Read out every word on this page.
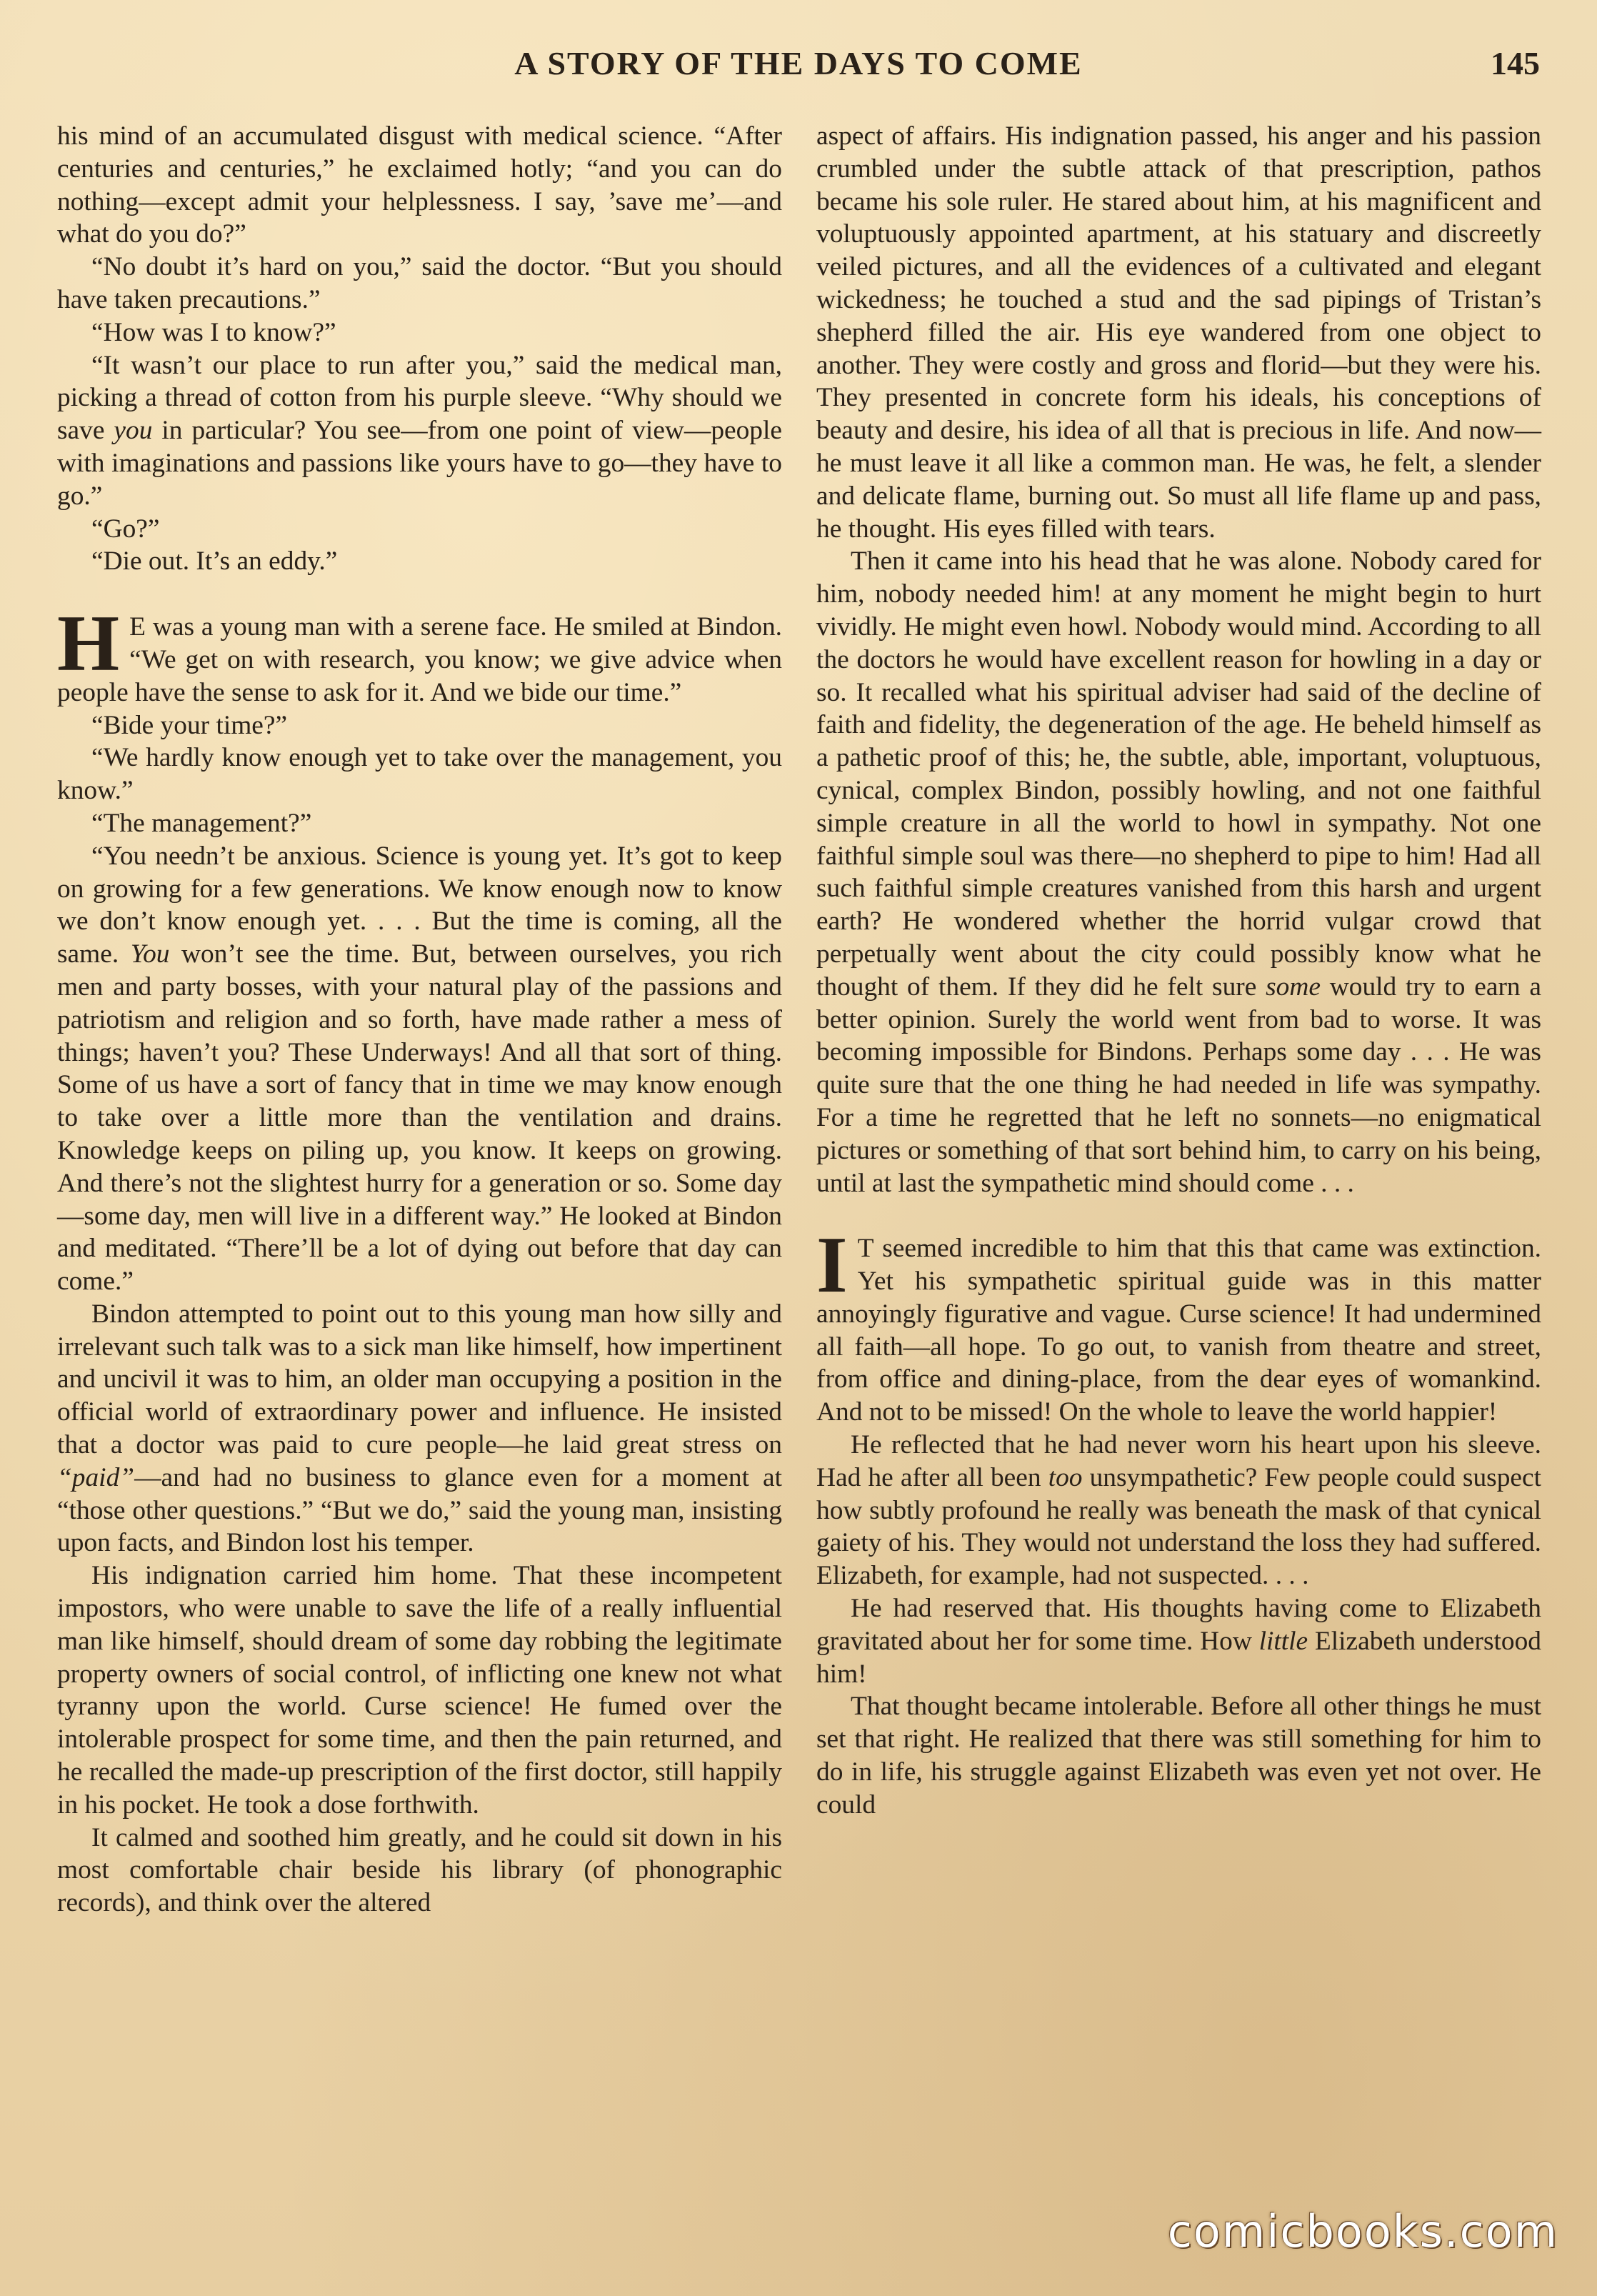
A STORY OF THE DAYS TO COME	145

his mind of an accumulated disgust with medical science. “After centuries and centuries,” he exclaimed hotly; “and you can do nothing—except admit your helplessness. I say, ’save me’—and what do you do?”

“No doubt it’s hard on you,” said the doctor. “But you should have taken precautions.”

“How was I to know?”

“It wasn’t our place to run after you,” said the medical man, picking a thread of cotton from his purple sleeve. “Why should we save you in particular? You see—from one point of view—people with imaginations and passions like yours have to go—they have to go.”

“Go?”

“Die out. It’s an eddy.”

H E was a young man with a serene face. He smiled at Bindon. “We get on with research, you know; we give advice when people have the sense to ask for it. And we bide our time.”

“Bide your time?”

“We hardly know enough yet to take over the management, you know.”

“The management?”

“You needn’t be anxious. Science is young yet. It’s got to keep on growing for a few generations. We know enough now to know we don’t know enough yet. . . . But the time is coming, all the same. You won’t see the time. But, between ourselves, you rich men and party bosses, with your natural play of the passions and patriotism and religion and so forth, have made rather a mess of things; haven’t you? These Underways! And all that sort of thing. Some of us have a sort of fancy that in time we may know enough to take over a little more than the ventilation and drains. Knowledge keeps on piling up, you know. It keeps on growing. And there’s not the slightest hurry for a generation or so. Some day—some day, men will live in a different way.” He looked at Bindon and meditated. “There’ll be a lot of dying out before that day can come.”

Bindon attempted to point out to this young man how silly and irrelevant such talk was to a sick man like himself, how impertinent and uncivil it was to him, an older man occupying a position in the official world of extraordinary power and influence. He insisted that a doctor was paid to cure people—he laid great stress on “paid”—and had no business to glance even for a moment at “those other questions.” “But we do,” said the young man, insisting upon facts, and Bindon lost his temper.

His indignation carried him home. That these incompetent impostors, who were unable to save the life of a really influential man like himself, should dream of some day robbing the legitimate property owners of social control, of inflicting one knew not what tyranny upon the world. Curse science! He fumed over the intolerable prospect for some time, and then the pain returned, and he recalled the made-up prescription of the first doctor, still happily in his pocket. He took a dose forthwith.

It calmed and soothed him greatly, and he could sit down in his most comfortable chair beside his library (of phonographic records), and think over the altered

aspect of affairs. His indignation passed, his anger and his passion crumbled under the subtle attack of that prescription, pathos became his sole ruler. He stared about him, at his magnificent and voluptuously appointed apartment, at his statuary and discreetly veiled pictures, and all the evidences of a cultivated and elegant wickedness; he touched a stud and the sad pipings of Tristan’s shepherd filled the air. His eye wandered from one object to another. They were costly and gross and florid—but they were his. They presented in concrete form his ideals, his conceptions of beauty and desire, his idea of all that is precious in life. And now—he must leave it all like a common man. He was, he felt, a slender and delicate flame, burning out. So must all life flame up and pass, he thought. His eyes filled with tears.

Then it came into his head that he was alone. Nobody cared for him, nobody needed him! at any moment he might begin to hurt vividly. He might even howl. Nobody would mind. According to all the doctors he would have excellent reason for howling in a day or so. It recalled what his spiritual adviser had said of the decline of faith and fidelity, the degeneration of the age. He beheld himself as a pathetic proof of this; he, the subtle, able, important, voluptuous, cynical, complex Bindon, possibly howling, and not one faithful simple creature in all the world to howl in sympathy. Not one faithful simple soul was there—no shepherd to pipe to him! Had all such faithful simple creatures vanished from this harsh and urgent earth? He wondered whether the horrid vulgar crowd that perpetually went about the city could possibly know what he thought of them. If they did he felt sure some would try to earn a better opinion. Surely the world went from bad to worse. It was becoming impossible for Bindons. Perhaps some day . . . He was quite sure that the one thing he had needed in life was sympathy. For a time he regretted that he left no sonnets—no enigmatical pictures or something of that sort behind him, to carry on his being, until at last the sympathetic mind should come . . .

I T seemed incredible to him that this that came was extinction. Yet his sympathetic spiritual guide was in this matter annoyingly figurative and vague. Curse science! It had undermined all faith—all hope. To go out, to vanish from theatre and street, from office and dining-place, from the dear eyes of womankind. And not to be missed! On the whole to leave the world happier!

He reflected that he had never worn his heart upon his sleeve. Had he after all been too unsympathetic? Few people could suspect how subtly profound he really was beneath the mask of that cynical gaiety of his. They would not understand the loss they had suffered. Elizabeth, for example, had not suspected. . . .

He had reserved that. His thoughts having come to Elizabeth gravitated about her for some time. How little Elizabeth understood him!

That thought became intolerable. Before all other things he must set that right. He realized that there was still something for him to do in life, his struggle against Elizabeth was even yet not over. He could

comicbooks.com
